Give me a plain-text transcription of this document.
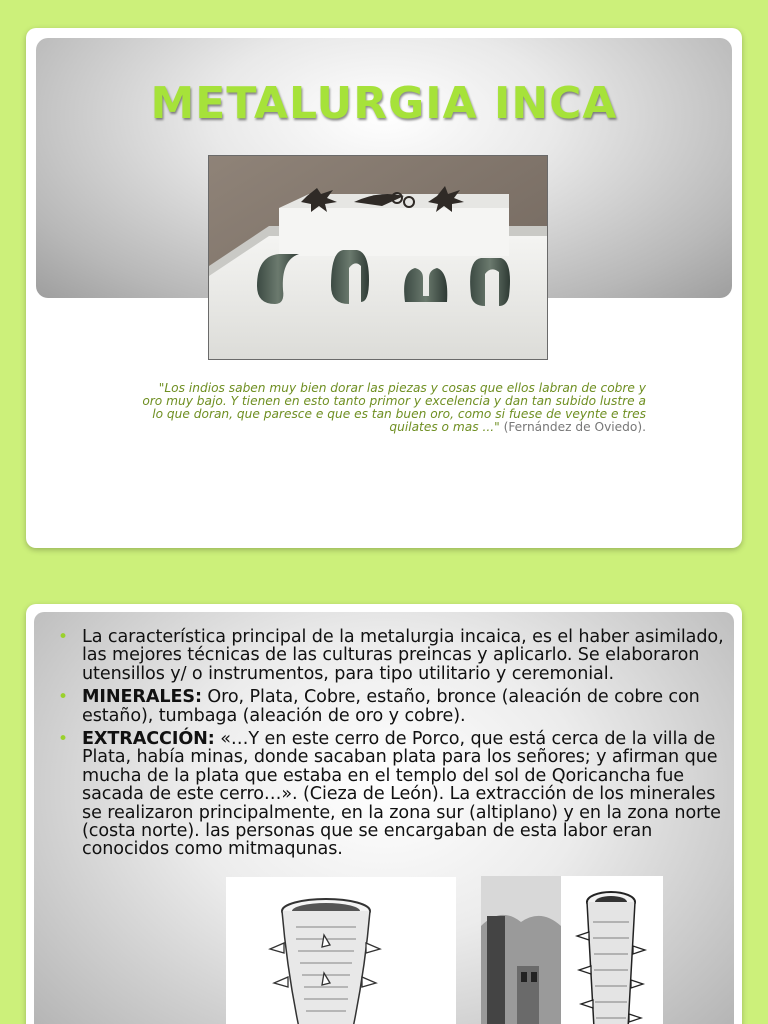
METALURGIA INCA

"Los indios saben muy bien dorar las piezas y cosas que ellos labran de cobre y oro muy bajo. Y tienen en esto tanto primor y excelencia y dan tan subido lustre a lo que doran, que paresce e que es tan buen oro, como si fuese de veynte e tres quilates o mas ..." (Fernández de Oviedo).

• La característica principal de la metalurgia incaica, es el haber asimilado, las mejores técnicas de las culturas preincas y aplicarlo. Se elaboraron utensillos y/ o instrumentos, para tipo utilitario y ceremonial.
• MINERALES: Oro, Plata, Cobre, estaño, bronce (aleación de cobre con estaño), tumbaga (aleación de oro y cobre).
• EXTRACCIÓN: «…Y en este cerro de Porco, que está cerca de la villa de Plata, había minas, donde sacaban plata para los señores; y afirman que mucha de la plata que estaba en el templo del sol de Qoricancha fue sacada de este cerro…». (Cieza de León). La extracción de los minerales se realizaron principalmente, en la zona sur (altiplano) y en la zona norte (costa norte). las personas que se encargaban de esta labor eran conocidos como mitmaqunas.
